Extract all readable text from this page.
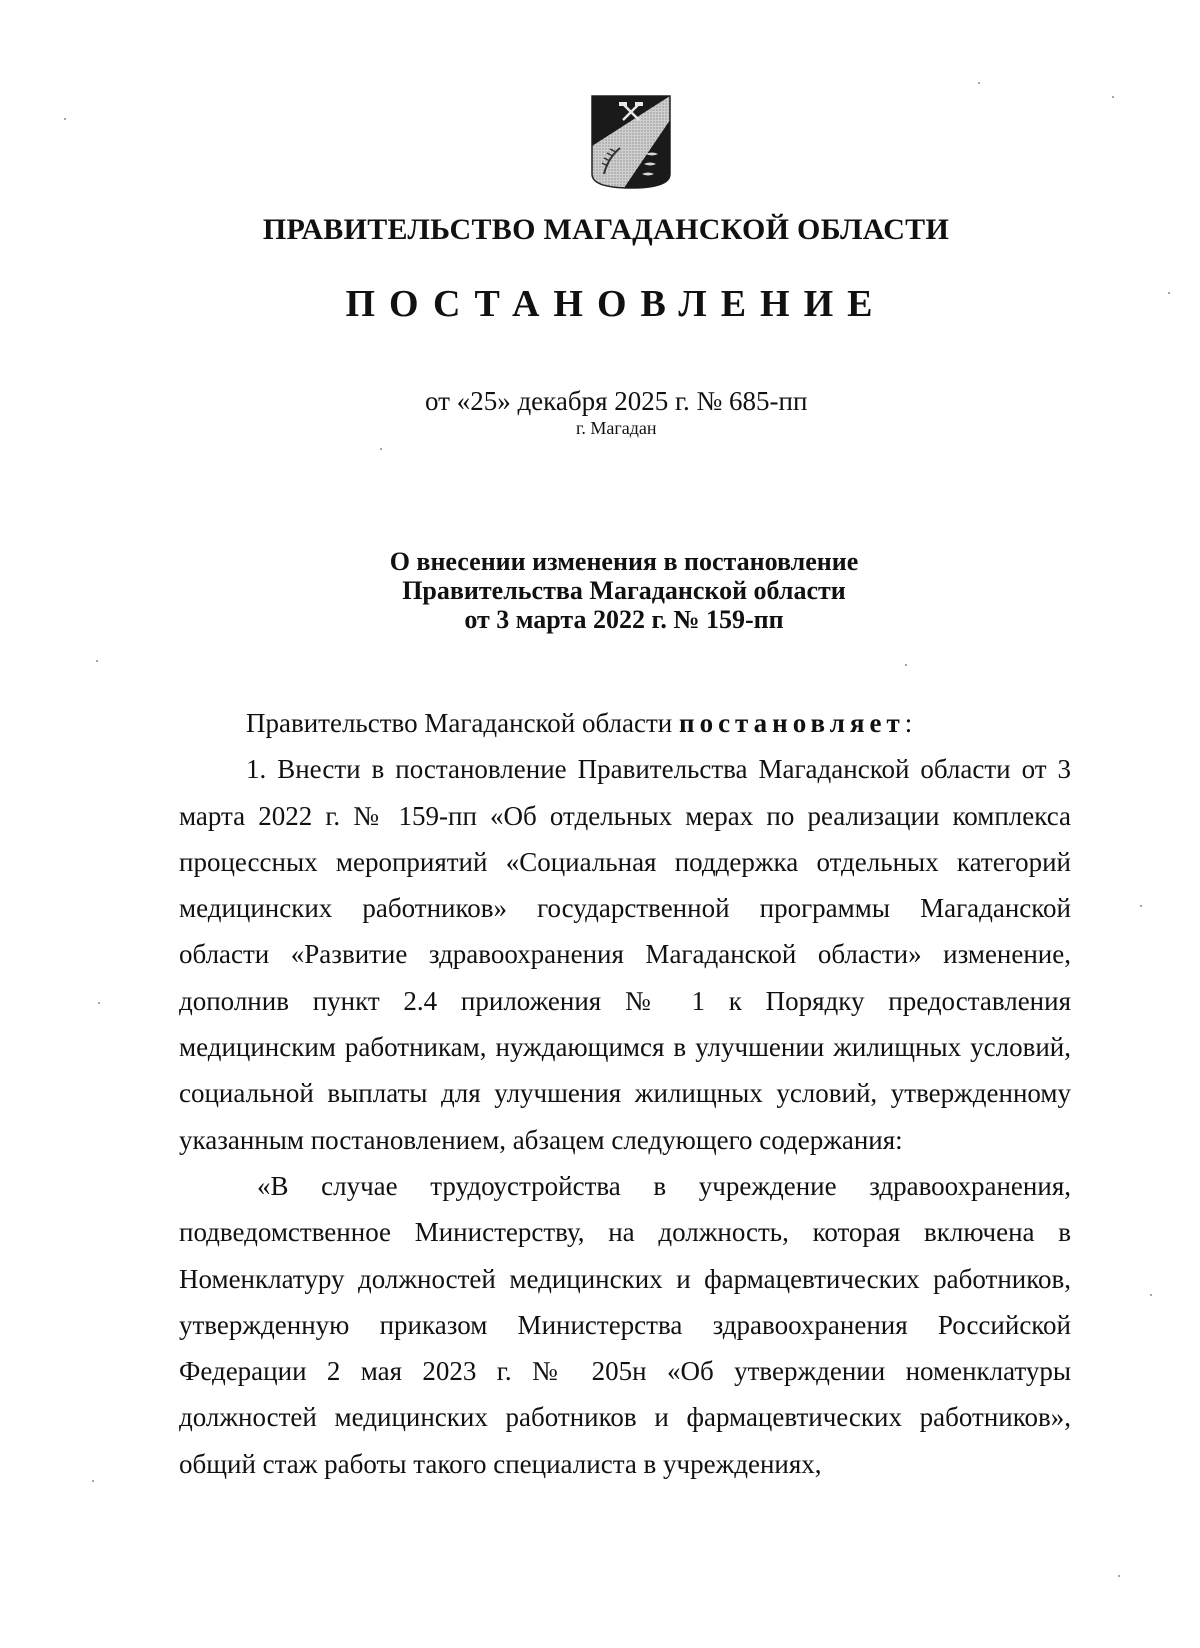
ПРАВИТЕЛЬСТВО МАГАДАНСКОЙ ОБЛАСТИ
ПОСТАНОВЛЕНИЕ
от «25» декабря 2025 г. № 685-пп
г. Магадан
О внесении изменения в постановление
Правительства Магаданской области
от 3 марта 2022 г. № 159-пп

Правительство Магаданской области постановляет:

1. Внести в постановление Правительства Магаданской области от 3 марта 2022 г. № 159-пп «Об отдельных мерах по реализации комплекса процессных мероприятий «Социальная поддержка отдельных категорий медицинских работников» государственной программы Магаданской области «Развитие здравоохранения Магаданской области» изменение, дополнив пункт 2.4 приложения № 1 к Порядку предоставления медицинским работникам, нуждающимся в улучшении жилищных условий, социальной выплаты для улучшения жилищных условий, утвержденному указанным постановлением, абзацем следующего содержания:

«В случае трудоустройства в учреждение здравоохранения, подведомственное Министерству, на должность, которая включена в Номенклатуру должностей медицинских и фармацевтических работников, утвержденную приказом Министерства здравоохранения Российской Федерации 2 мая 2023 г. № 205н «Об утверждении номенклатуры должностей медицинских работников и фармацевтических работников», общий стаж работы такого специалиста в учреждениях,
